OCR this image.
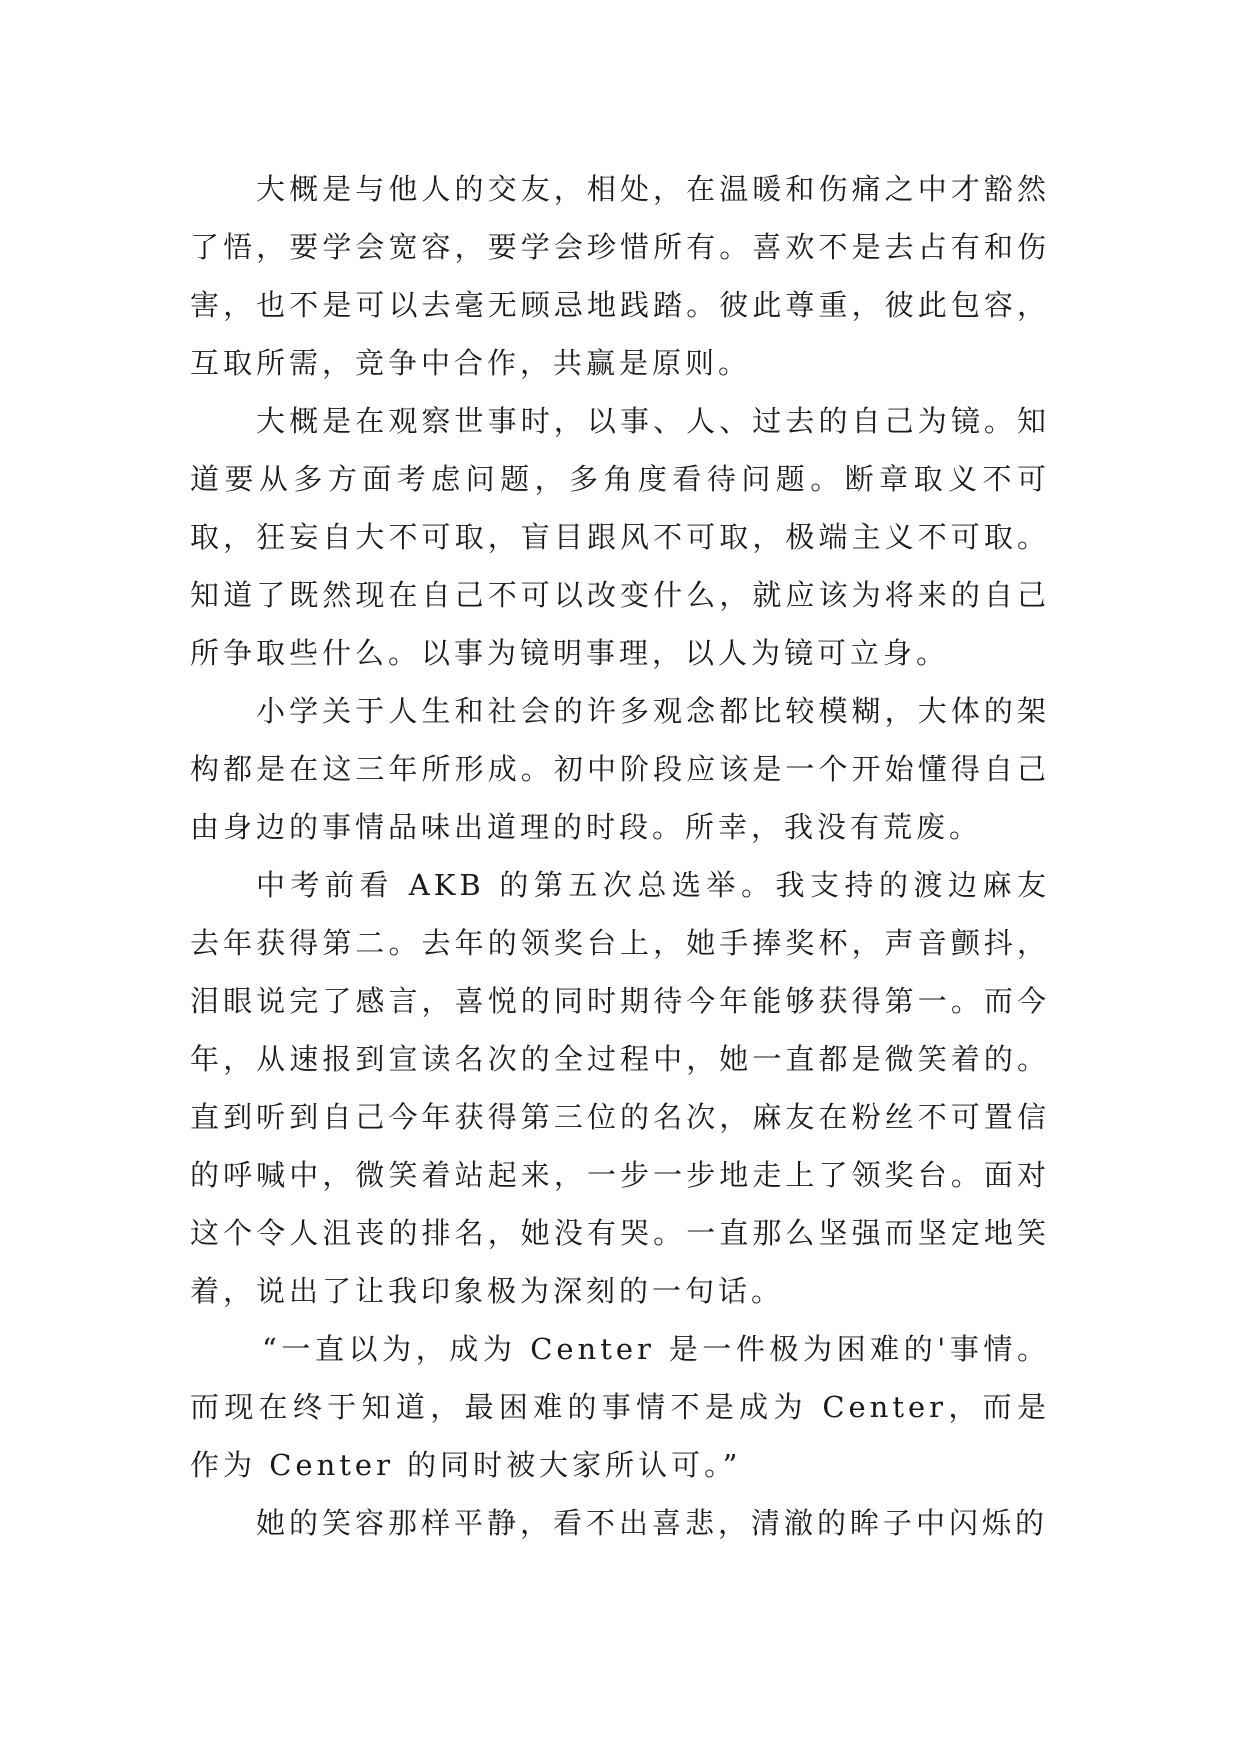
大概是与他人的交友，相处，在温暖和伤痛之中才豁然了悟，要学会宽容，要学会珍惜所有。喜欢不是去占有和伤害，也不是可以去毫无顾忌地践踏。彼此尊重，彼此包容，互取所需，竞争中合作，共赢是原则。

大概是在观察世事时，以事、人、过去的自己为镜。知道要从多方面考虑问题，多角度看待问题。断章取义不可取，狂妄自大不可取，盲目跟风不可取，极端主义不可取。知道了既然现在自己不可以改变什么，就应该为将来的自己所争取些什么。以事为镜明事理，以人为镜可立身。

小学关于人生和社会的许多观念都比较模糊，大体的架构都是在这三年所形成。初中阶段应该是一个开始懂得自己由身边的事情品味出道理的时段。所幸，我没有荒废。

中考前看 AKB 的第五次总选举。我支持的渡边麻友去年获得第二。去年的领奖台上，她手捧奖杯，声音颤抖，泪眼说完了感言，喜悦的同时期待今年能够获得第一。而今年，从速报到宣读名次的全过程中，她一直都是微笑着的。直到听到自己今年获得第三位的名次，麻友在粉丝不可置信的呼喊中，微笑着站起来，一步一步地走上了领奖台。面对这个令人沮丧的排名，她没有哭。一直那么坚强而坚定地笑着，说出了让我印象极为深刻的一句话。

“一直以为，成为 Center 是一件极为困难的'事情。而现在终于知道，最困难的事情不是成为 Center，而是作为 Center 的同时被大家所认可。”

她的笑容那样平静，看不出喜悲，清澈的眸子中闪烁的
